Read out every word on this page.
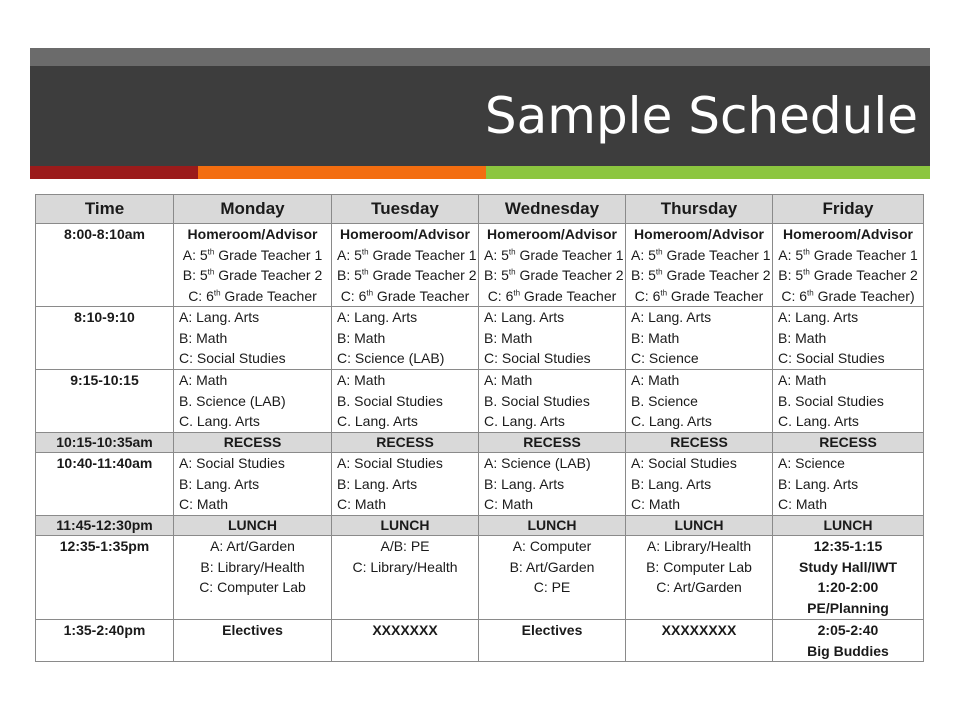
Sample Schedule
Time	Monday	Tuesday	Wednesday	Thursday	Friday
8:00-8:10am	Homeroom/Advisor
A: 5th Grade Teacher 1
B: 5th Grade Teacher 2
C: 6th Grade Teacher	Homeroom/Advisor
A: 5th Grade Teacher 1
B: 5th Grade Teacher 2
C: 6th Grade Teacher	Homeroom/Advisor
A: 5th Grade Teacher 1
B: 5th Grade Teacher 2
C: 6th Grade Teacher	Homeroom/Advisor
A: 5th Grade Teacher 1
B: 5th Grade Teacher 2
C: 6th Grade Teacher	Homeroom/Advisor
A: 5th Grade Teacher 1
B: 5th Grade Teacher 2
C: 6th Grade Teacher)

8:10-9:10	A: Lang. Arts
B: Math
C: Social Studies	A: Lang. Arts
B: Math
C: Science (LAB)	A: Lang. Arts
B: Math
C: Social Studies	A: Lang. Arts
B: Math
C: Science	A: Lang. Arts
B: Math
C: Social Studies

9:15-10:15	A: Math
B. Science (LAB)
C. Lang. Arts	A: Math
B. Social Studies
C. Lang. Arts	A: Math
B. Social Studies
C. Lang. Arts	A: Math
B. Science
C. Lang. Arts	A: Math
B. Social Studies
C. Lang. Arts

10:15-10:35am	RECESS	RECESS	RECESS	RECESS	RECESS
10:40-11:40am	A: Social Studies
B: Lang. Arts
C: Math	A: Social Studies
B: Lang. Arts
C: Math	A: Science (LAB)
B: Lang. Arts
C: Math	A: Social Studies
B: Lang. Arts
C: Math	A: Science
B: Lang. Arts
C: Math

11:45-12:30pm	LUNCH	LUNCH	LUNCH	LUNCH	LUNCH
12:35-1:35pm	A: Art/Garden
B: Library/Health
C: Computer Lab	A/B: PE
C: Library/Health	A: Computer
B: Art/Garden
C: PE	A: Library/Health
B: Computer Lab
C: Art/Garden	12:35-1:15
Study Hall/IWT
1:20-2:00
PE/Planning

1:35-2:40pm	Electives	XXXXXXX	Electives	XXXXXXXX	2:05-2:40
Big Buddies
